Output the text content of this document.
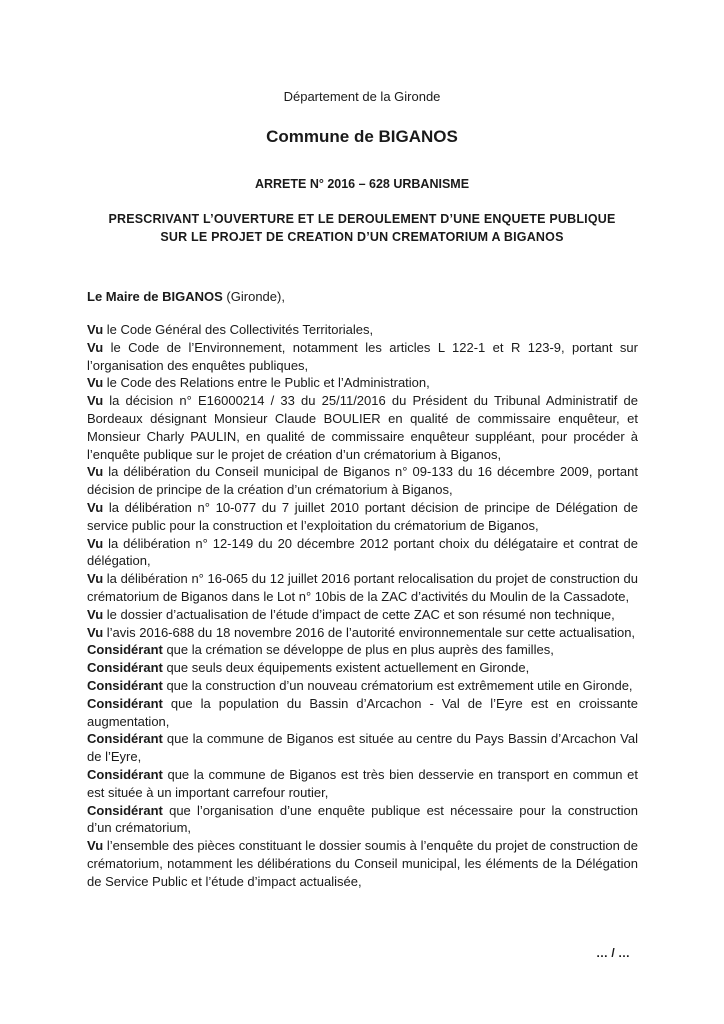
Département de la Gironde
Commune de BIGANOS
ARRETE N° 2016 – 628 URBANISME
PRESCRIVANT L’OUVERTURE ET LE DEROULEMENT D’UNE ENQUETE PUBLIQUE
SUR LE PROJET DE CREATION D’UN CREMATORIUM A BIGANOS
Le Maire de BIGANOS (Gironde),

Vu le Code Général des Collectivités Territoriales,

Vu le Code de l’Environnement, notamment les articles L 122-1 et R 123-9, portant sur l’organisation des enquêtes publiques,

Vu le Code des Relations entre le Public et l’Administration,

Vu la décision n° E16000214 / 33 du 25/11/2016 du Président du Tribunal Administratif de Bordeaux désignant Monsieur Claude BOULIER en qualité de commissaire enquêteur, et Monsieur Charly PAULIN, en qualité de commissaire enquêteur suppléant, pour procéder à l’enquête publique sur le projet de création d’un crématorium à Biganos,

Vu la délibération du Conseil municipal de Biganos n° 09-133 du 16 décembre 2009, portant décision de principe de la création d’un crématorium à Biganos,

Vu la délibération n° 10-077 du 7 juillet 2010 portant décision de principe de Délégation de service public pour la construction et l’exploitation du crématorium de Biganos,

Vu la délibération n° 12-149 du 20 décembre 2012 portant choix du délégataire et contrat de délégation,

Vu la délibération n° 16-065 du 12 juillet 2016 portant relocalisation du projet de construction du crématorium de Biganos dans le Lot n° 10bis de la ZAC d’activités du Moulin de la Cassadote,

Vu le dossier d’actualisation de l’étude d’impact de cette ZAC et son résumé non technique,

Vu l’avis 2016-688 du 18 novembre 2016 de l’autorité environnementale sur cette actualisation,

Considérant que la crémation se développe de plus en plus auprès des familles,

Considérant que seuls deux équipements existent actuellement en Gironde,

Considérant que la construction d’un nouveau crématorium est extrêmement utile en Gironde,

Considérant que la population du Bassin d’Arcachon - Val de l’Eyre est en croissante augmentation,

Considérant que la commune de Biganos est située au centre du Pays Bassin d’Arcachon Val de l’Eyre,

Considérant que la commune de Biganos est très bien desservie en transport en commun et est située à un important carrefour routier,

Considérant que l’organisation d’une enquête publique est nécessaire pour la construction d’un crématorium,

Vu l’ensemble des pièces constituant le dossier soumis à l’enquête du projet de construction de crématorium, notamment les délibérations du Conseil municipal, les éléments de la Délégation de Service Public et l’étude d’impact actualisée,

… / …
